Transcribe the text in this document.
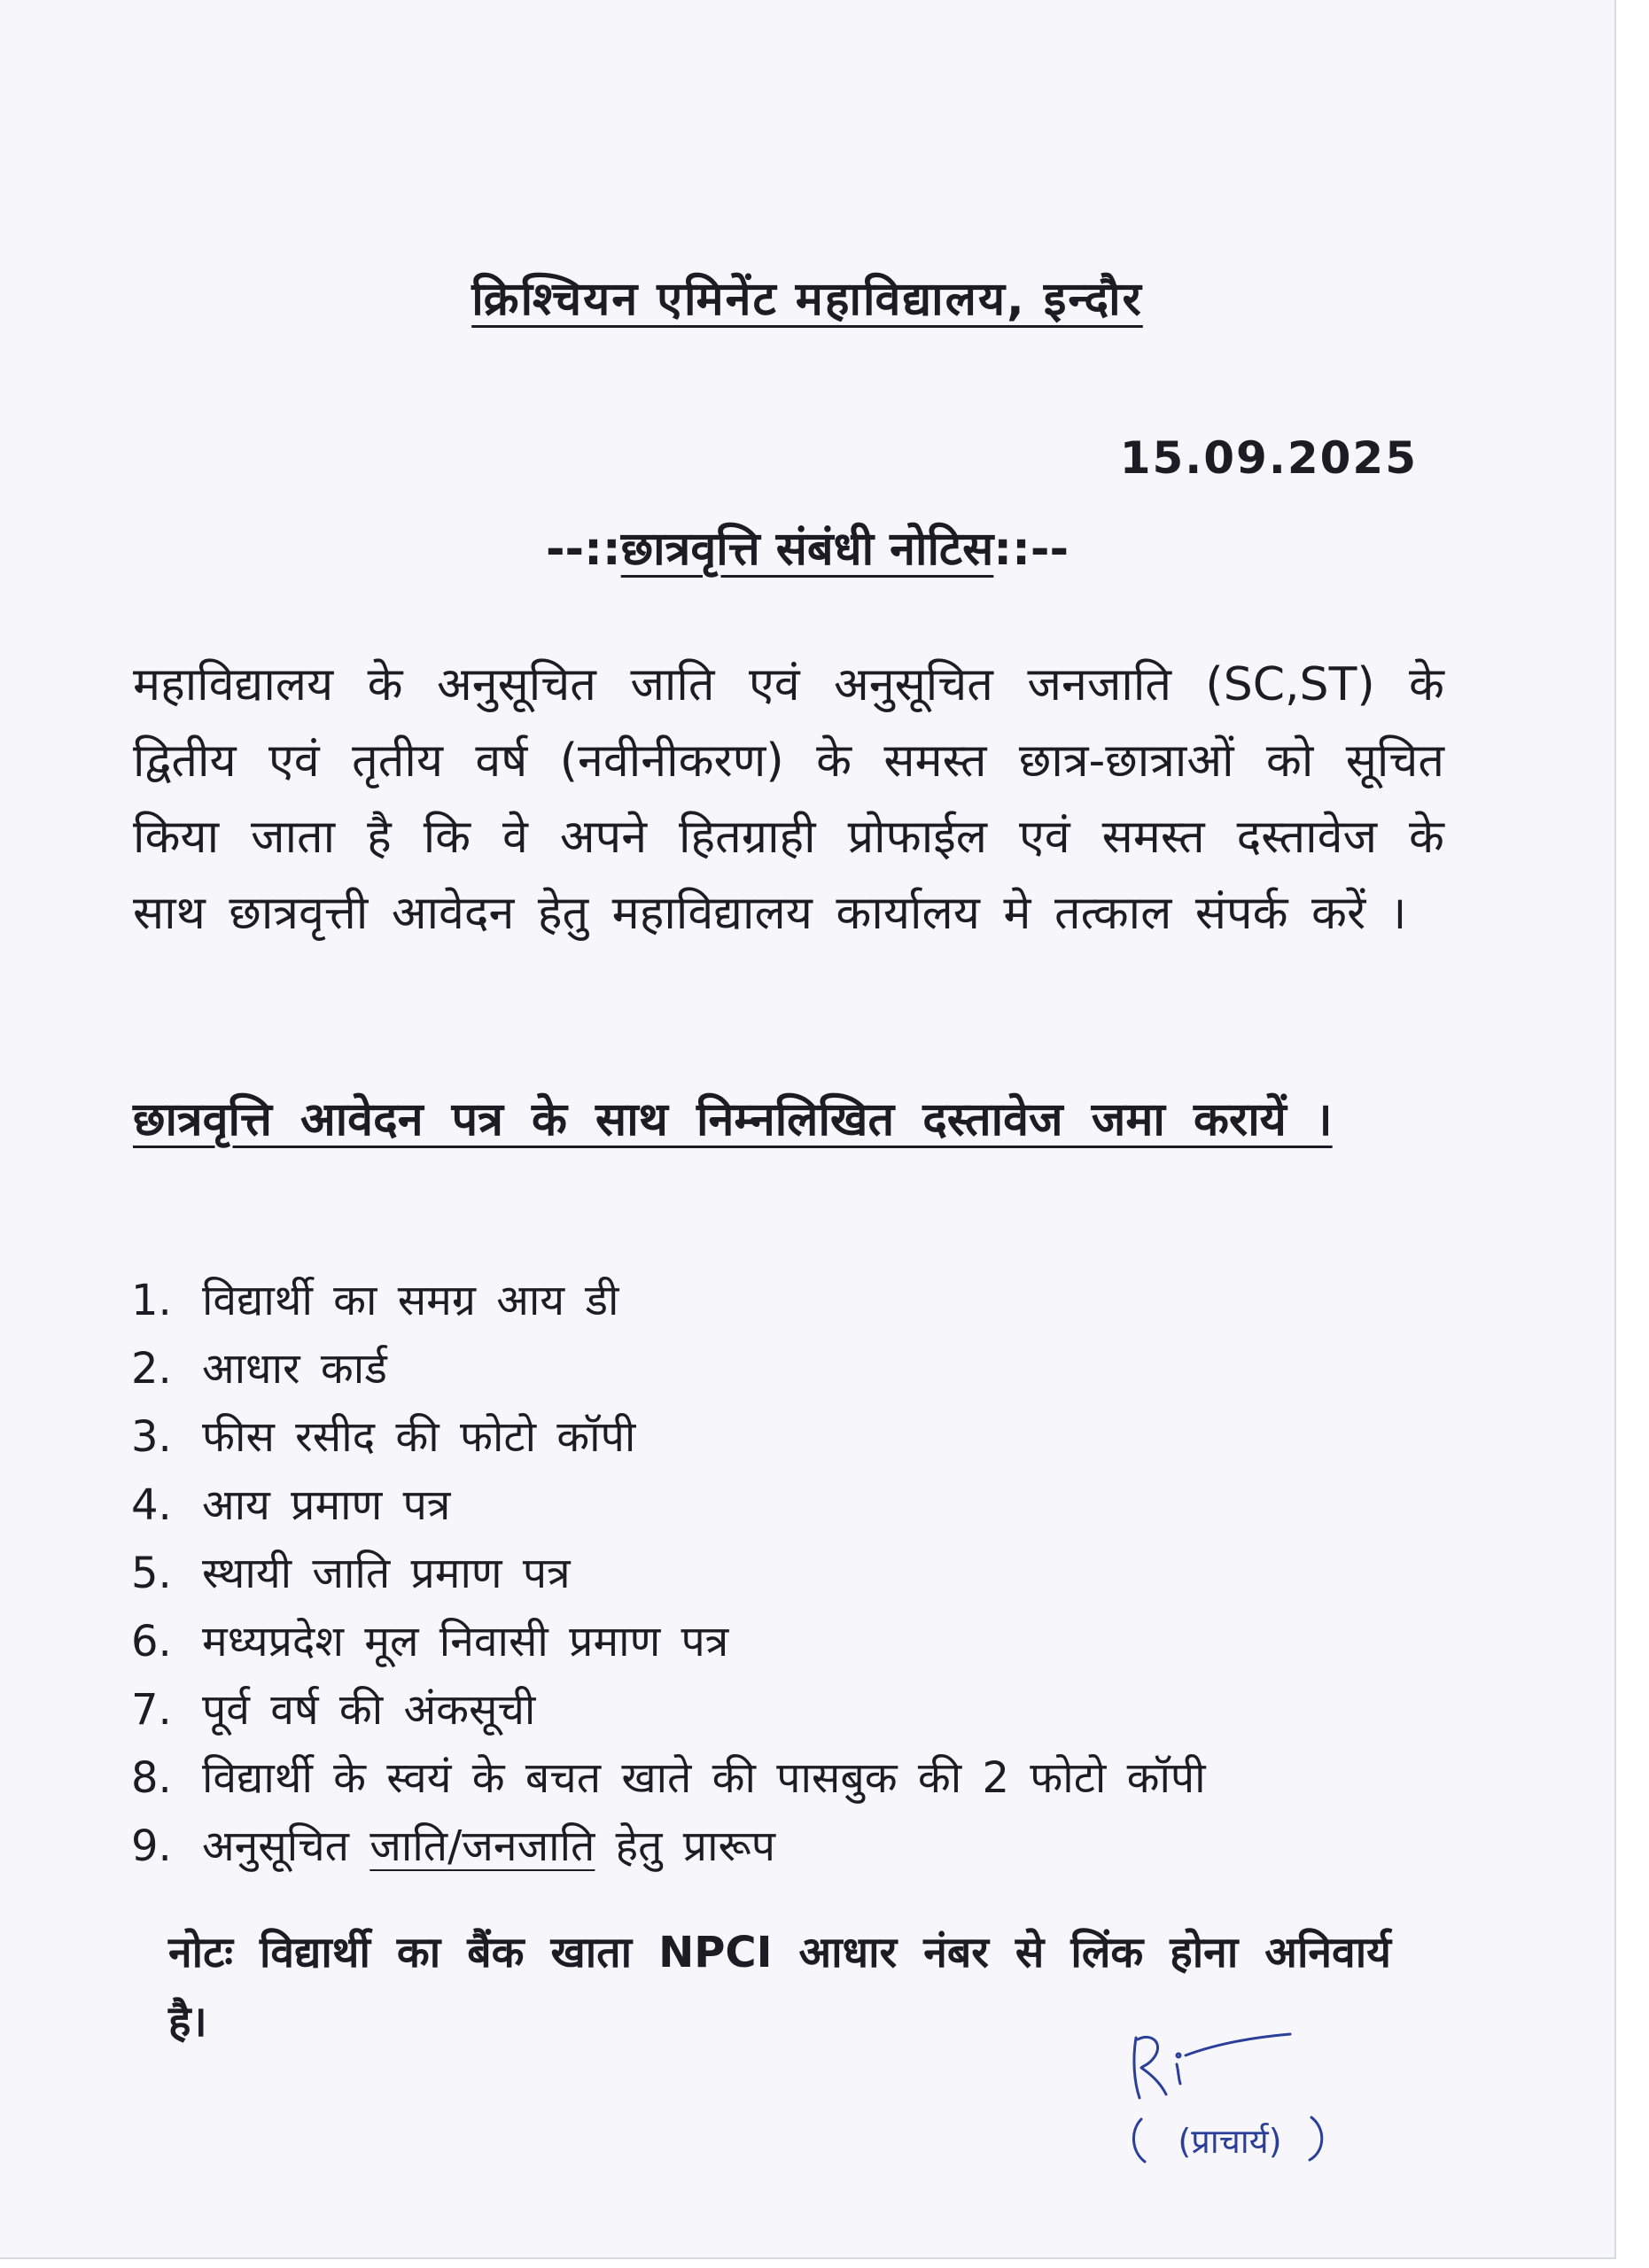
क्रिश्चियन एमिनेंट महाविद्यालय, इन्दौर
15.09.2025
--::छात्रवृत्ति संबंधी नोटिस::--
महाविद्यालय के अनुसूचित जाति एवं अनुसूचित जनजाति (SC,ST) के द्वितीय एवं तृतीय वर्ष (नवीनीकरण) के समस्त छात्र-छात्राओं को सूचित किया जाता है कि वे अपने हितग्राही प्रोफाईल एवं समस्त दस्तावेज के साथ छात्रवृत्ती आवेदन हेतु महाविद्यालय कार्यालय मे तत्काल संपर्क करें ।
छात्रवृत्ति आवेदन पत्र के साथ निम्नलिखित दस्तावेज जमा करायें ।
1. विद्यार्थी का समग्र आय डी
2. आधार कार्ड
3. फीस रसीद की फोटो कॉपी
4. आय प्रमाण पत्र
5. स्थायी जाति प्रमाण पत्र
6. मध्यप्रदेश मूल निवासी प्रमाण पत्र
7. पूर्व वर्ष की अंकसूची
8. विद्यार्थी के स्वयं के बचत खाते की पासबुक की 2 फोटो कॉपी
9. अनुसूचित जाति/जनजाति हेतु प्रारूप
नोटः विद्यार्थी का बैंक खाता NPCI आधार नंबर से लिंक होना अनिवार्य है।
(प्राचार्य)
